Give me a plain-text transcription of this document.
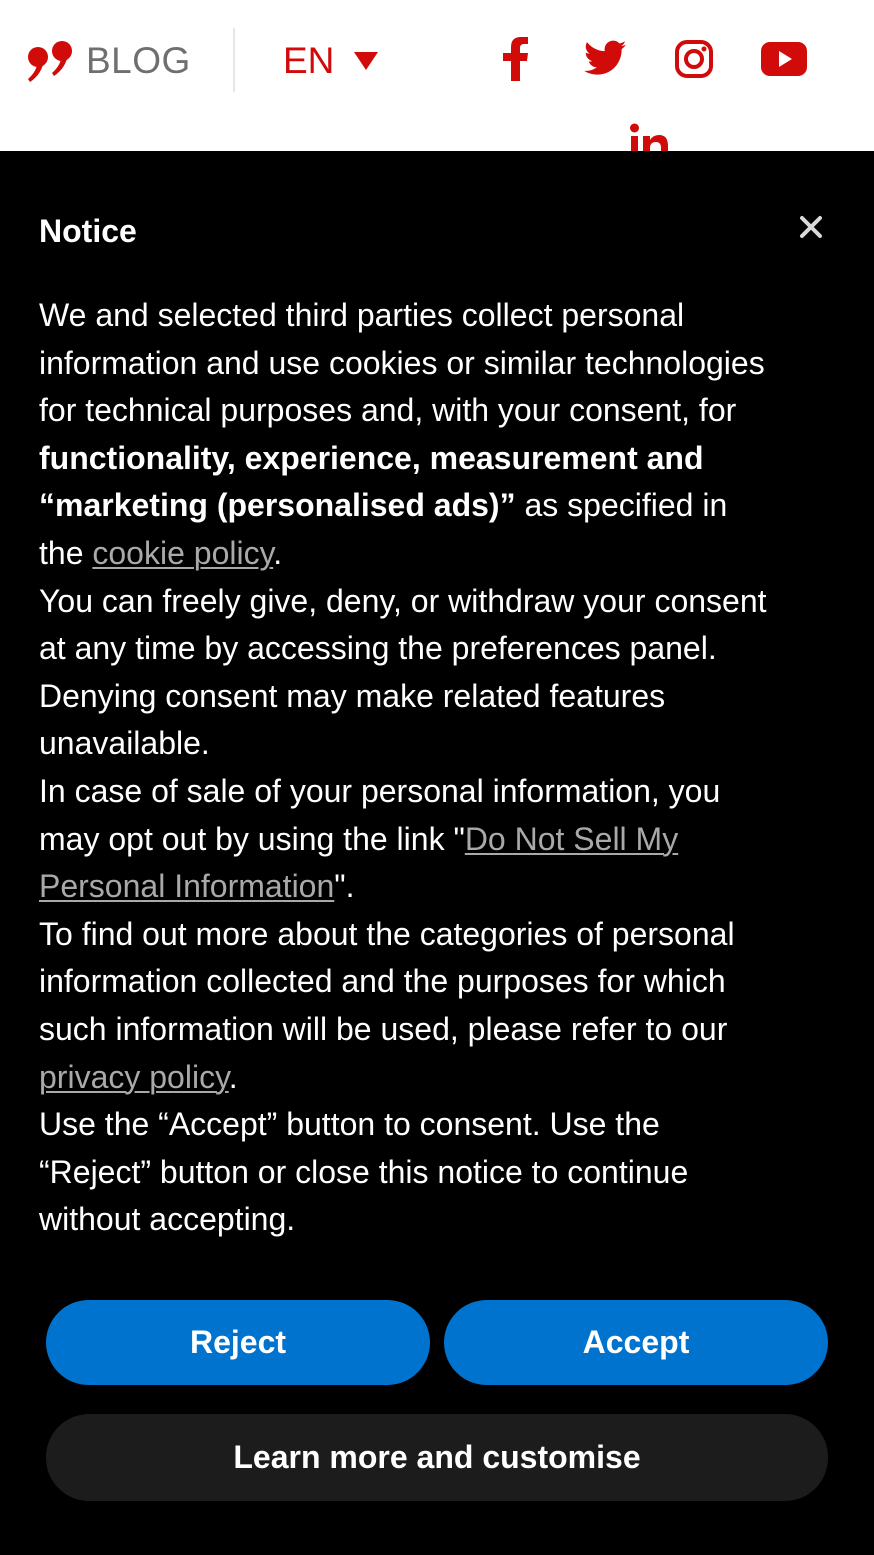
BLOG EN
Notice

We and selected third parties collect personal information and use cookies or similar technologies for technical purposes and, with your consent, for functionality, experience, measurement and “marketing (personalised ads)” as specified in the cookie policy.

You can freely give, deny, or withdraw your consent at any time by accessing the preferences panel. Denying consent may make related features unavailable.

In case of sale of your personal information, you may opt out by using the link "Do Not Sell My Personal Information".

To find out more about the categories of personal information collected and the purposes for which such information will be used, please refer to our privacy policy.

Use the “Accept” button to consent. Use the “Reject” button or close this notice to continue without accepting.

Reject	Accept
Learn more and customise
